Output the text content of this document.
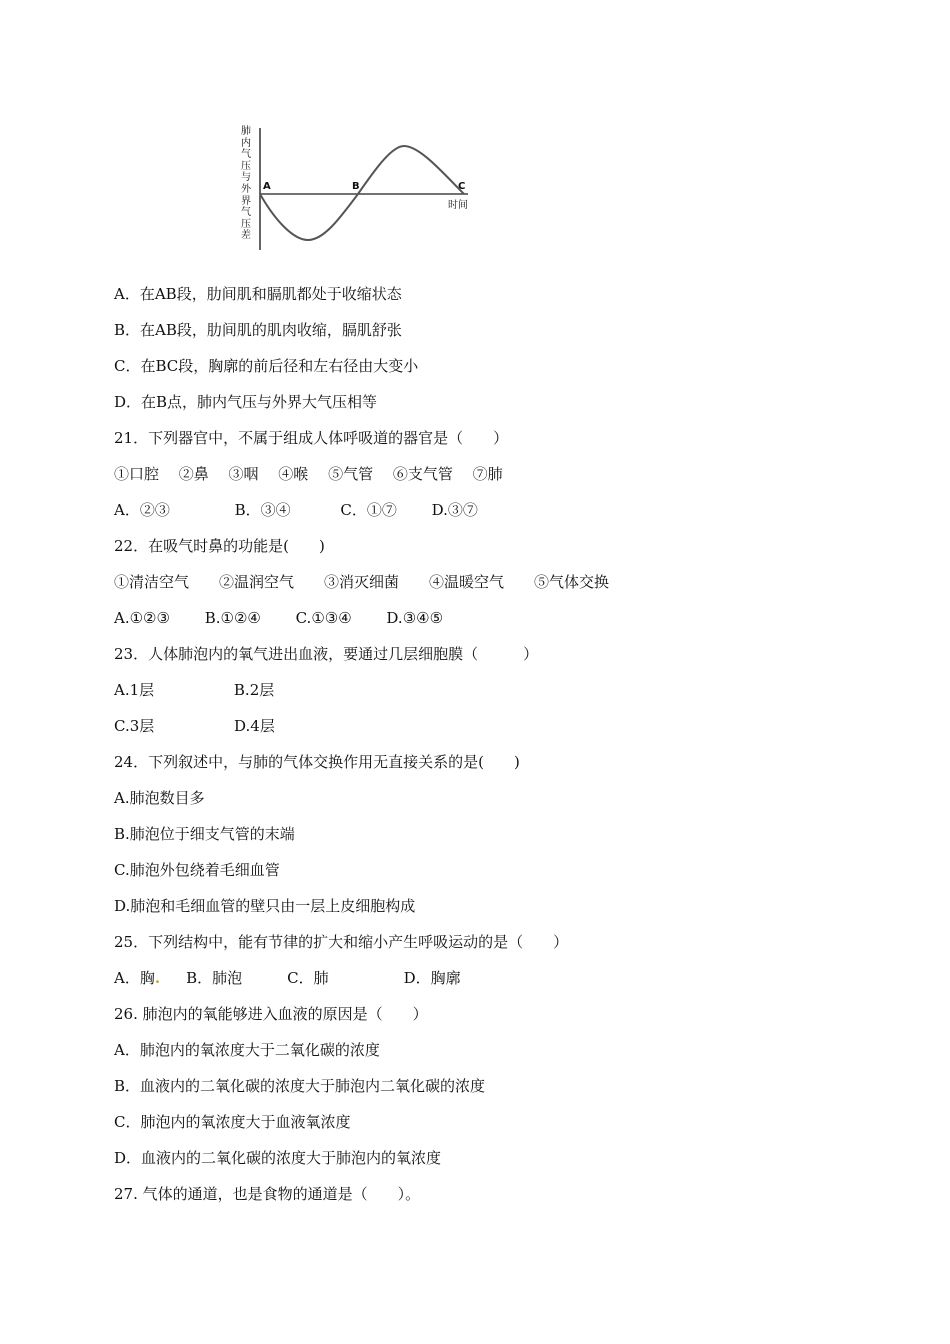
肺
内
气
压
与
外
界
气
压
差
A	B	C
时间
A．在AB段，肋间肌和膈肌都处于收缩状态
B．在AB段，肋间肌的肌肉收缩，膈肌舒张
C．在BC段，胸廓的前后径和左右径由大变小
D．在B点，肺内气压与外界大气压相等
21．下列器官中，不属于组成人体呼吸道的器官是（　　）
①口腔　 ②鼻　 ③咽　 ④喉　 ⑤气管　 ⑥支气管　 ⑦肺
A．②③　　　　 B．③④　　　 C．①⑦　　 D.③⑦
22．在吸气时鼻的功能是(　　)
①清洁空气　　②温润空气　　③消灭细菌　　④温暖空气　　⑤气体交换
A.①②③　　 B.①②④　　 C.①③④　　 D.③④⑤
23．人体肺泡内的氧气进出血液，要通过几层细胞膜（　　　）
A.1层　　　　　 B.2层
C.3层　　　　　 D.4层
24．下列叙述中，与肺的气体交换作用无直接关系的是(　　)
A.肺泡数目多
B.肺泡位于细支气管的末端
C.肺泡外包绕着毛细血管
D.肺泡和毛细血管的壁只由一层上皮细胞构成
25．下列结构中，能有节律的扩大和缩小产生呼吸运动的是（　　）
A．胸. B．肺泡　　　C．肺　　　　　D．胸廓
26. 肺泡内的氧能够进入血液的原因是（　　）
A．肺泡内的氧浓度大于二氧化碳的浓度
B．血液内的二氧化碳的浓度大于肺泡内二氧化碳的浓度
C．肺泡内的氧浓度大于血液氧浓度
D．血液内的二氧化碳的浓度大于肺泡内的氧浓度
27. 气体的通道，也是食物的通道是（　　）。
